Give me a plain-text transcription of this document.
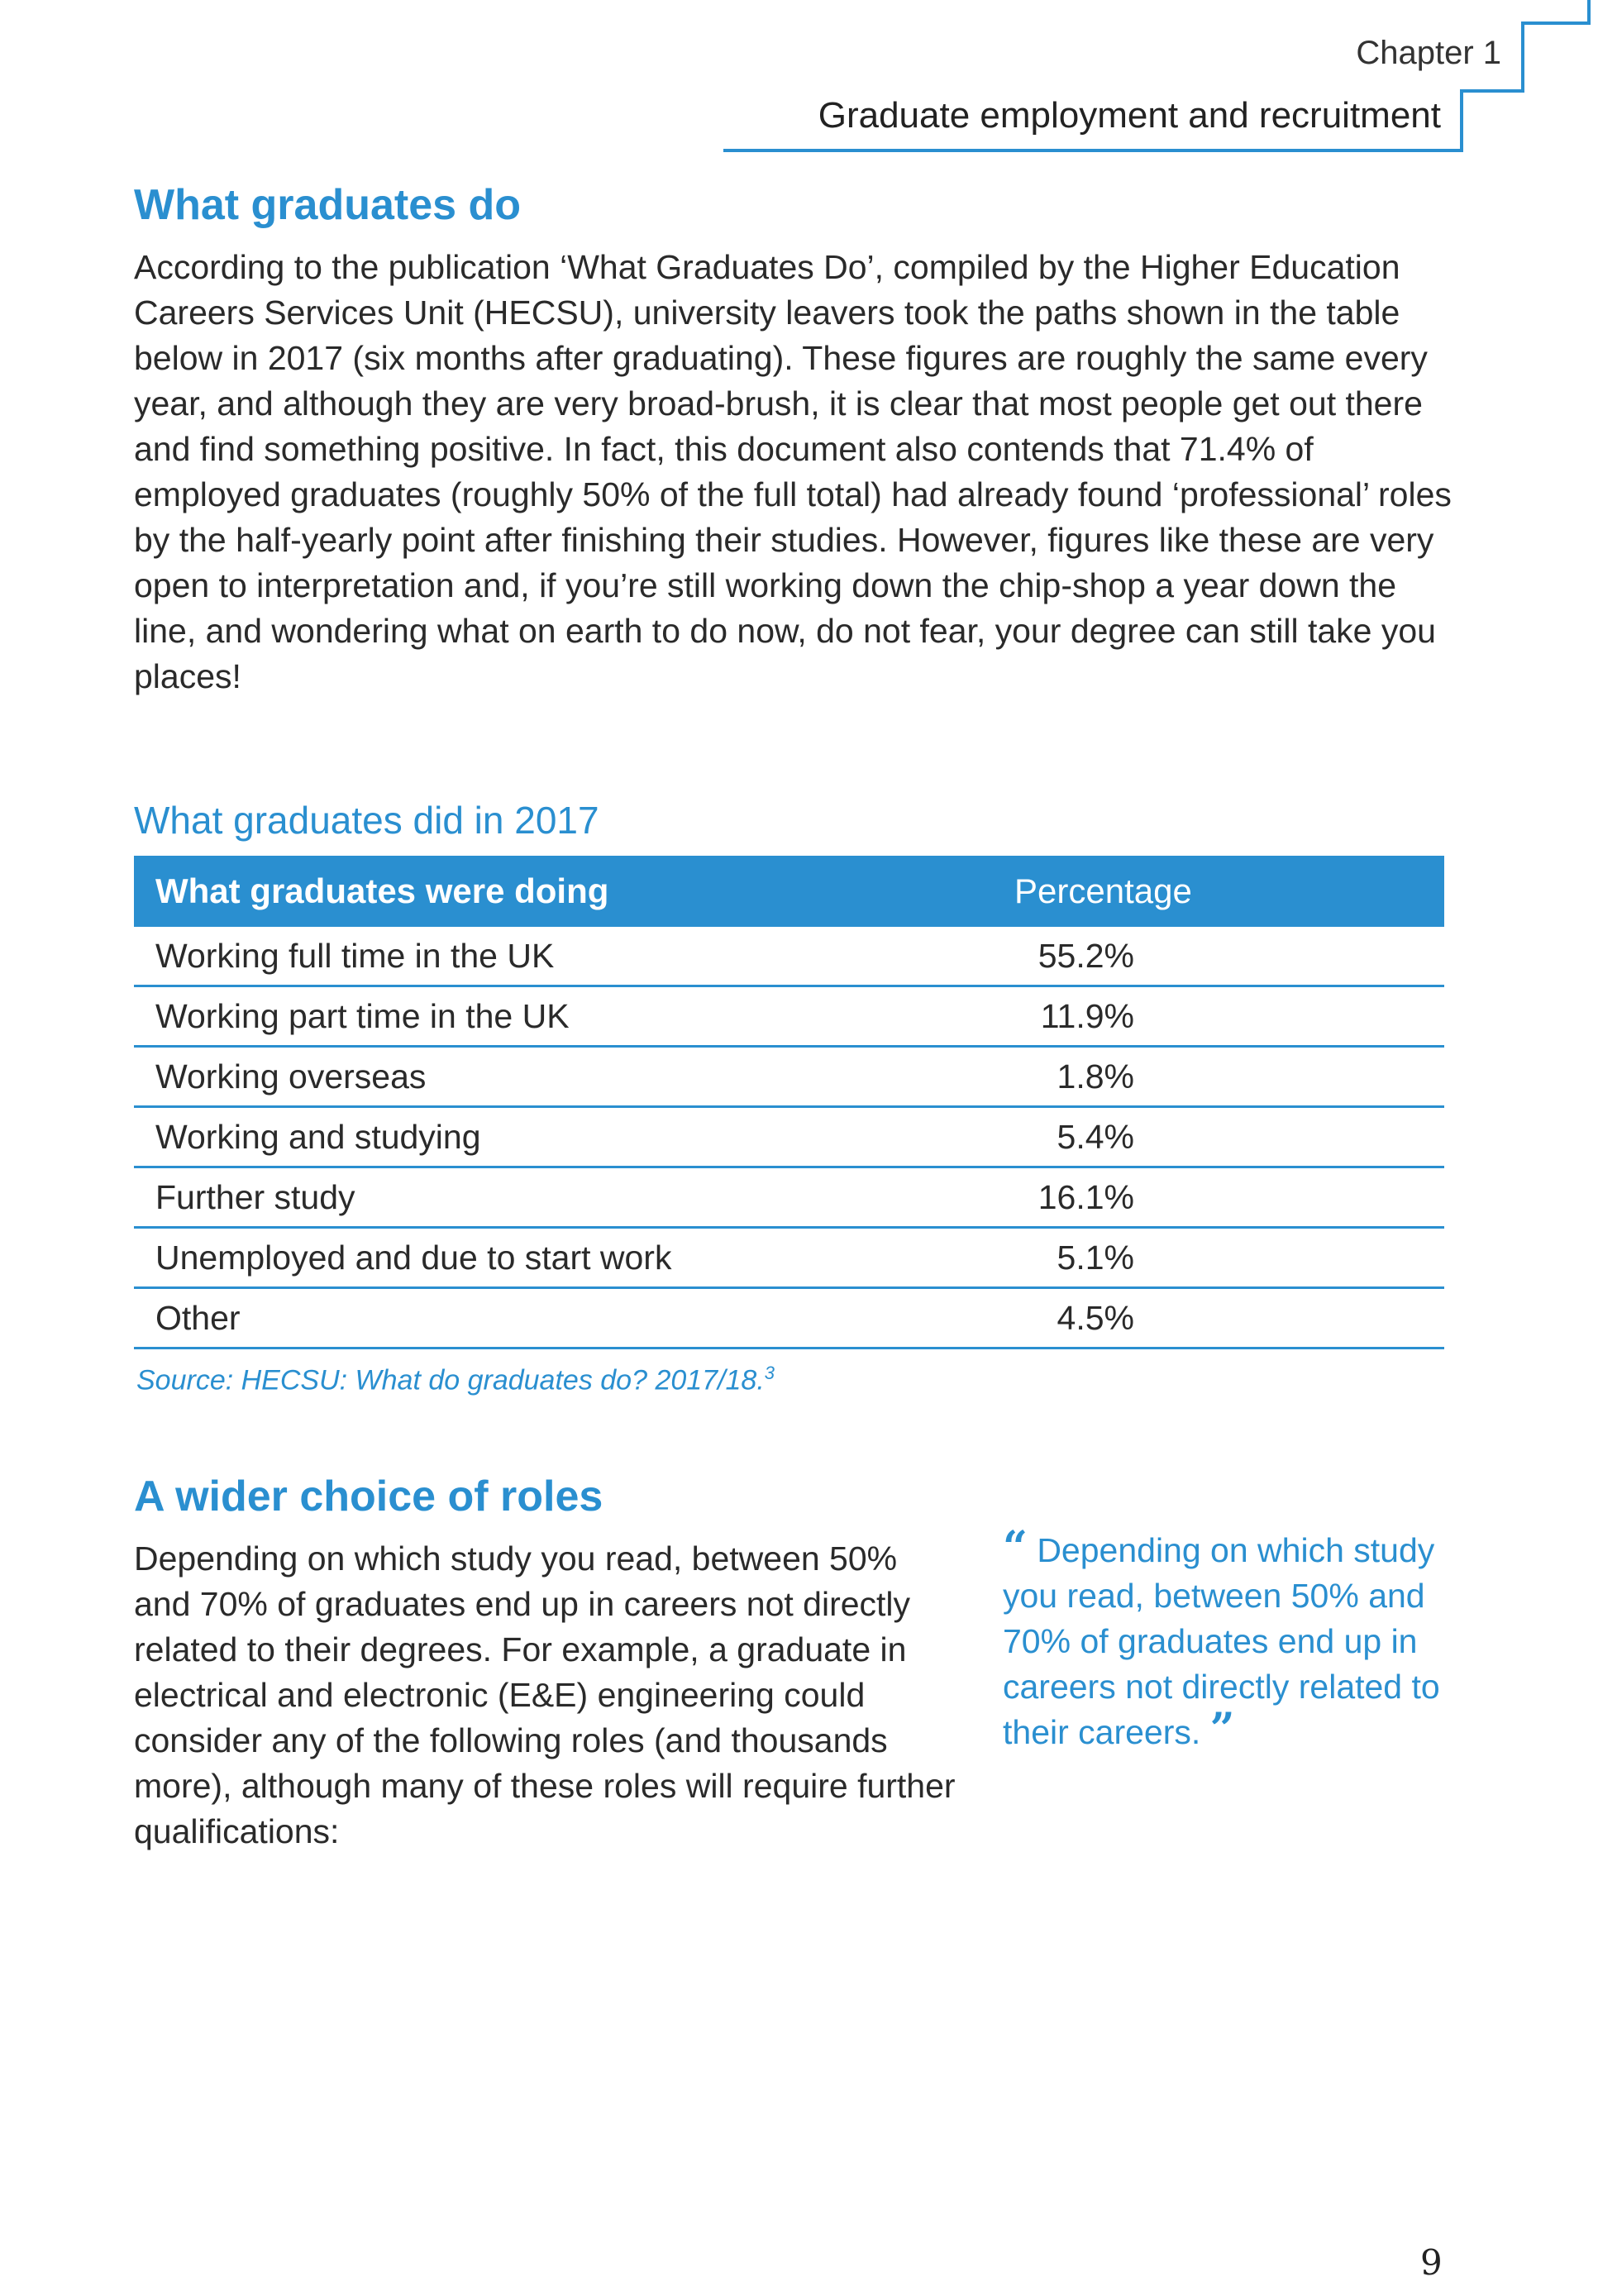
Chapter 1
Graduate employment and recruitment
What graduates do

According to the publication ‘What Graduates Do’, compiled by the Higher Education Careers Services Unit (HECSU), university leavers took the paths shown in the table below in 2017 (six months after graduating). These figures are roughly the same every year, and although they are very broad-brush, it is clear that most people get out there and find something positive. In fact, this document also contends that 71.4% of employed graduates (roughly 50% of the full total) had already found ‘professional’ roles by the half-yearly point after finishing their studies. However, figures like these are very open to interpretation and, if you’re still working down the chip-shop a year down the line, and wondering what on earth to do now, do not fear, your degree can still take you places!

What graduates did in 2017
What graduates were doing	Percentage
Working full time in the UK	55.2%
Working part time in the UK	11.9%
Working overseas	1.8%
Working and studying	5.4%
Further study	16.1%
Unemployed and due to start work	5.1%
Other	4.5%
Source: HECSU: What do graduates do? 2017/18.$^3$
A wider choice of roles

Depending on which study you read, between 50% and 70% of graduates end up in careers not directly related to their degrees. For example, a graduate in electrical and electronic (E&E) engineering could consider any of the following roles (and thousands more), although many of these roles will require further qualifications:

“ Depending on which study you read, between 50% and 70% of graduates end up in careers not directly related to their careers. ”

9
